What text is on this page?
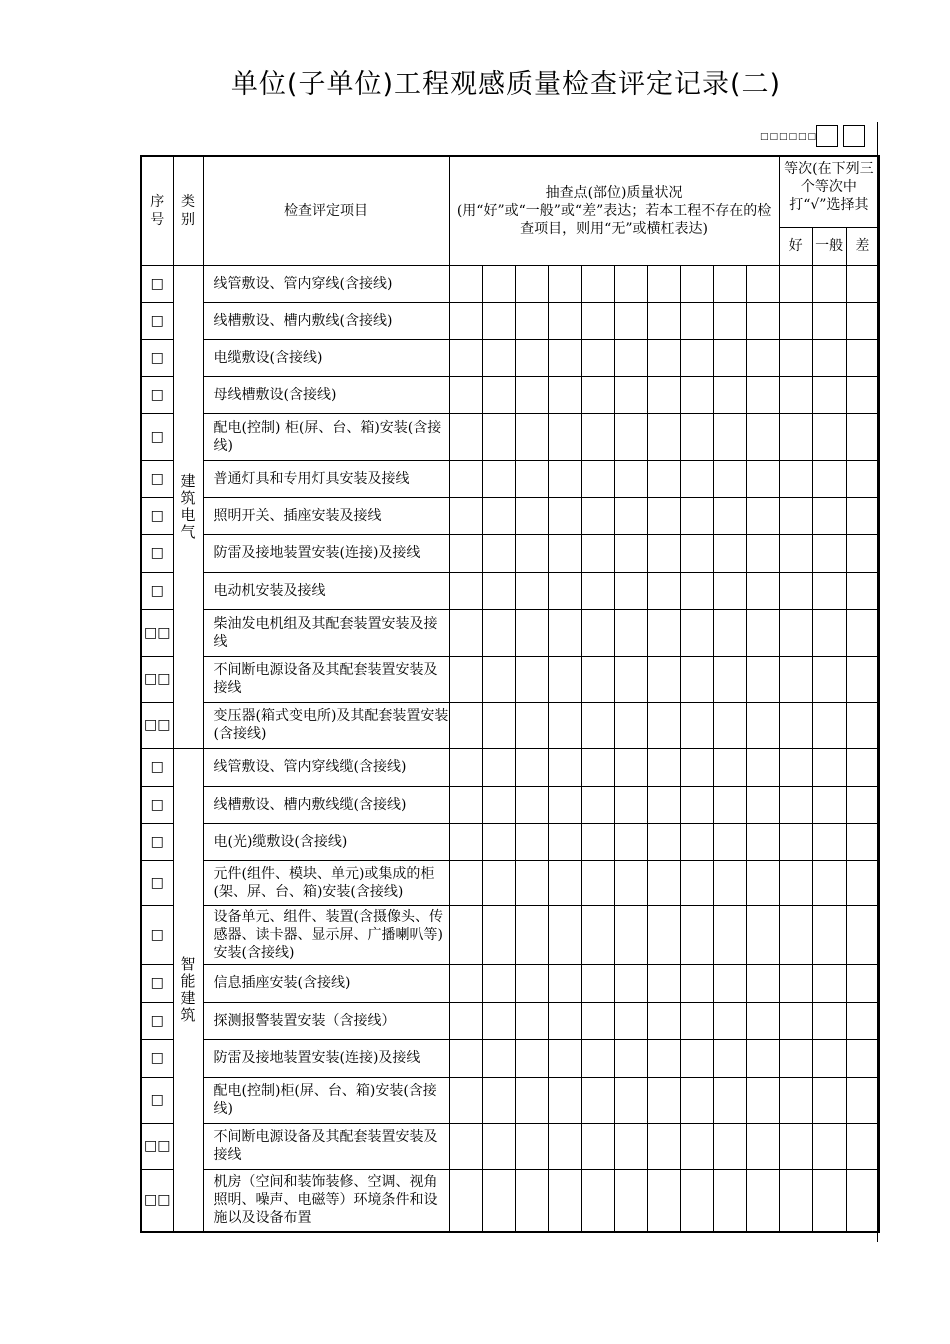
单位(子单位)工程观感质量检查评定记录(二)
□□□□□□
序号	类别	检查评定项目	抽查点(部位)质量状况
(用“好”或“一般”或“差”表达；若本工程不存在的检查项目，则用“无”或横杠表达)										等次(在下列三个等次中打“√”选择其		

													好	一般	差
□	建筑电气	线管敷设、管内穿线(含接线)													
□		线槽敷设、槽内敷线(含接线)													
□		电缆敷设(含接线)													
□		母线槽敷设(含接线)													
□		配电(控制) 柜(屏、台、箱)安装(含接线)													
□		普通灯具和专用灯具安装及接线													
□		照明开关、插座安装及接线													
□		防雷及接地装置安装(连接)及接线													
□		电动机安装及接线													
□□		柴油发电机组及其配套装置安装及接线													
□□		不间断电源设备及其配套装置安装及接线													
□□		变压器(箱式变电所)及其配套装置安装(含接线)													
□	智能建筑	线管敷设、管内穿线缆(含接线)													
□		线槽敷设、槽内敷线缆(含接线)													
□		电(光)缆敷设(含接线)													
□		元件(组件、模块、单元)或集成的柜(架、屏、台、箱)安装(含接线)													
□		设备单元、组件、装置(含摄像头、传感器、读卡器、显示屏、广播喇叭等) 安装(含接线)													
□		信息插座安装(含接线)													
□		探测报警装置安装（含接线）													
□		防雷及接地装置安装(连接)及接线													
□		配电(控制)柜(屏、台、箱)安装(含接线)													
□□		不间断电源设备及其配套装置安装及接线													
□□		机房（空间和装饰装修、空调、视角照明、噪声、电磁等）环境条件和设施以及设备布置													
